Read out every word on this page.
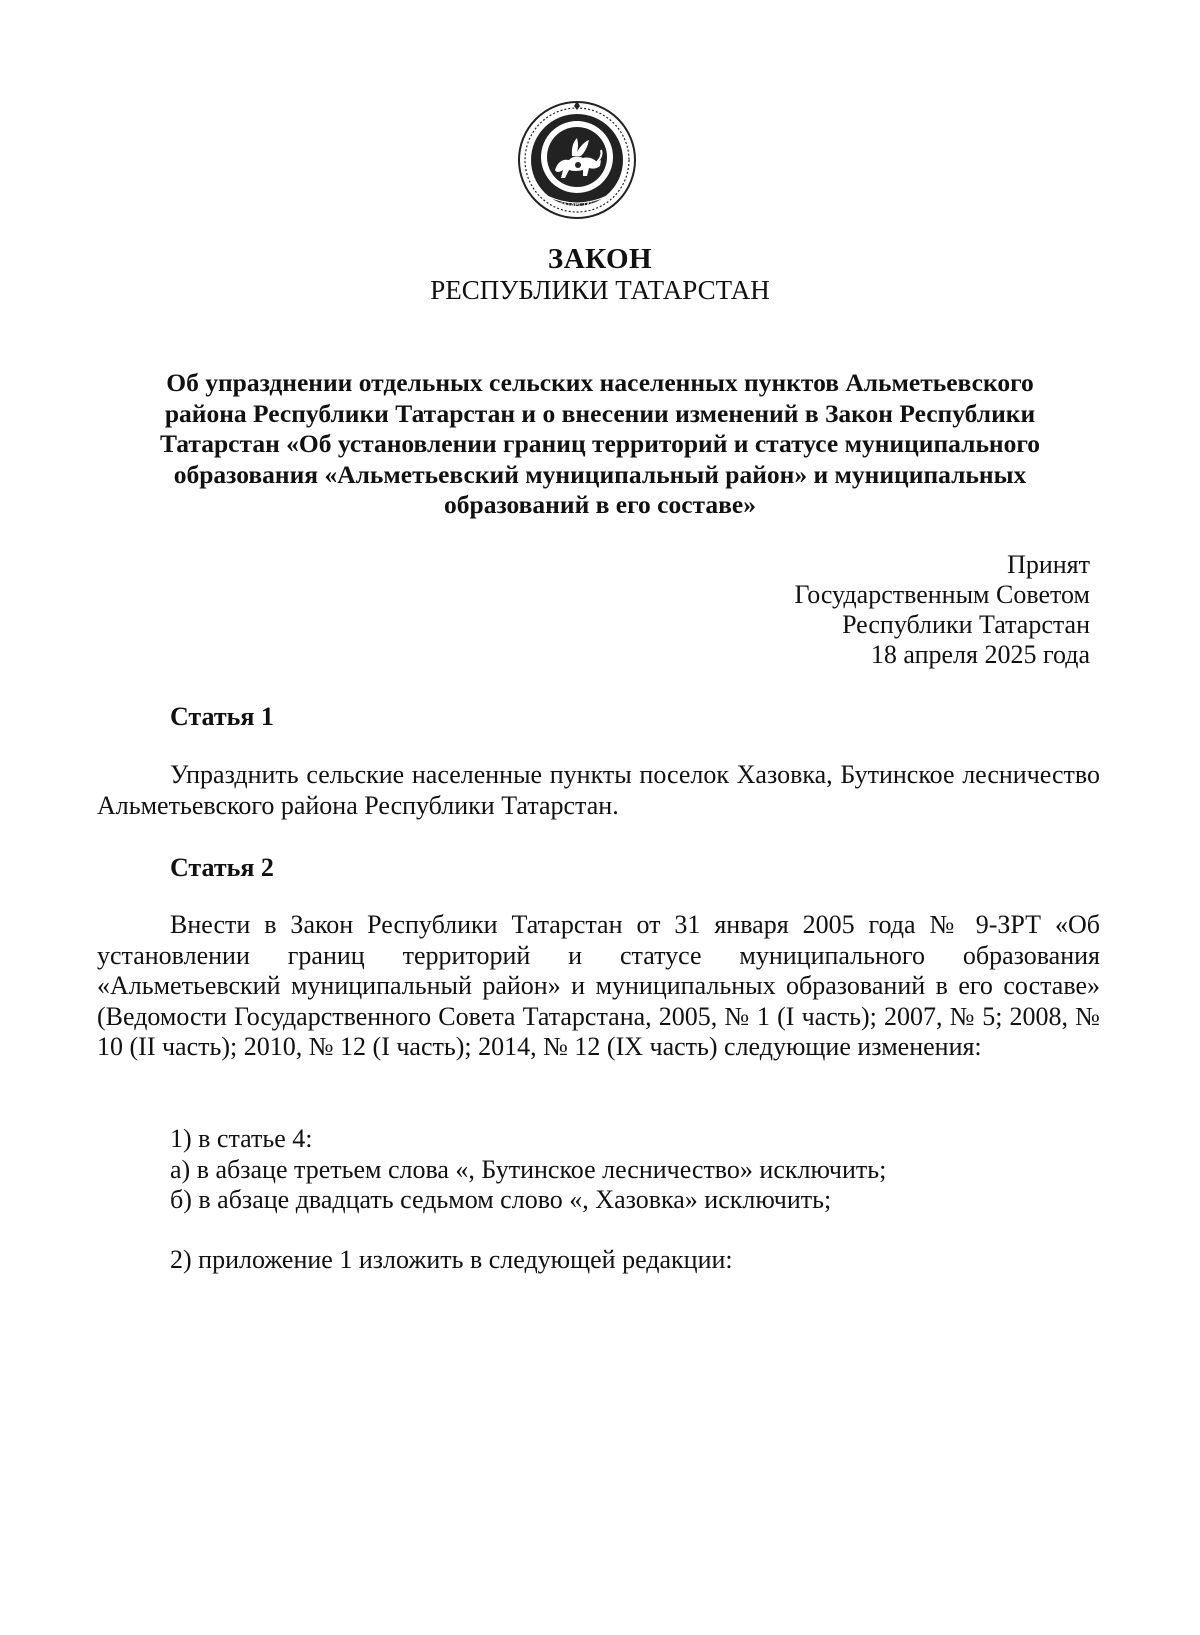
ТАТАРСТАН
ЗАКОН
РЕСПУБЛИКИ ТАТАРСТАН
Об упразднении отдельных сельских населенных пунктов Альметьевского
района Республики Татарстан и о внесении изменений в Закон Республики
Татарстан «Об установлении границ территорий и статусе муниципального
образования «Альметьевский муниципальный район» и муниципальных
образований в его составе»
Принят
Государственным Советом
Республики Татарстан
18 апреля 2025 года
Статья 1
Упразднить сельские населенные пункты поселок Хазовка, Бутинское лесничество Альметьевского района Республики Татарстан.
Статья 2
Внести в Закон Республики Татарстан от 31 января 2005 года № 9-ЗРТ «Об установлении границ территорий и статусе муниципального образования «Альметьевский муниципальный район» и муниципальных образований в его составе» (Ведомости Государственного Совета Татарстана, 2005, № 1 (I часть); 2007, № 5; 2008, № 10 (II часть); 2010, № 12 (I часть); 2014, № 12 (IX часть) следующие изменения:
1) в статье 4:
а) в абзаце третьем слова «, Бутинское лесничество» исключить;
б) в абзаце двадцать седьмом слово «, Хазовка» исключить;
2) приложение 1 изложить в следующей редакции:
